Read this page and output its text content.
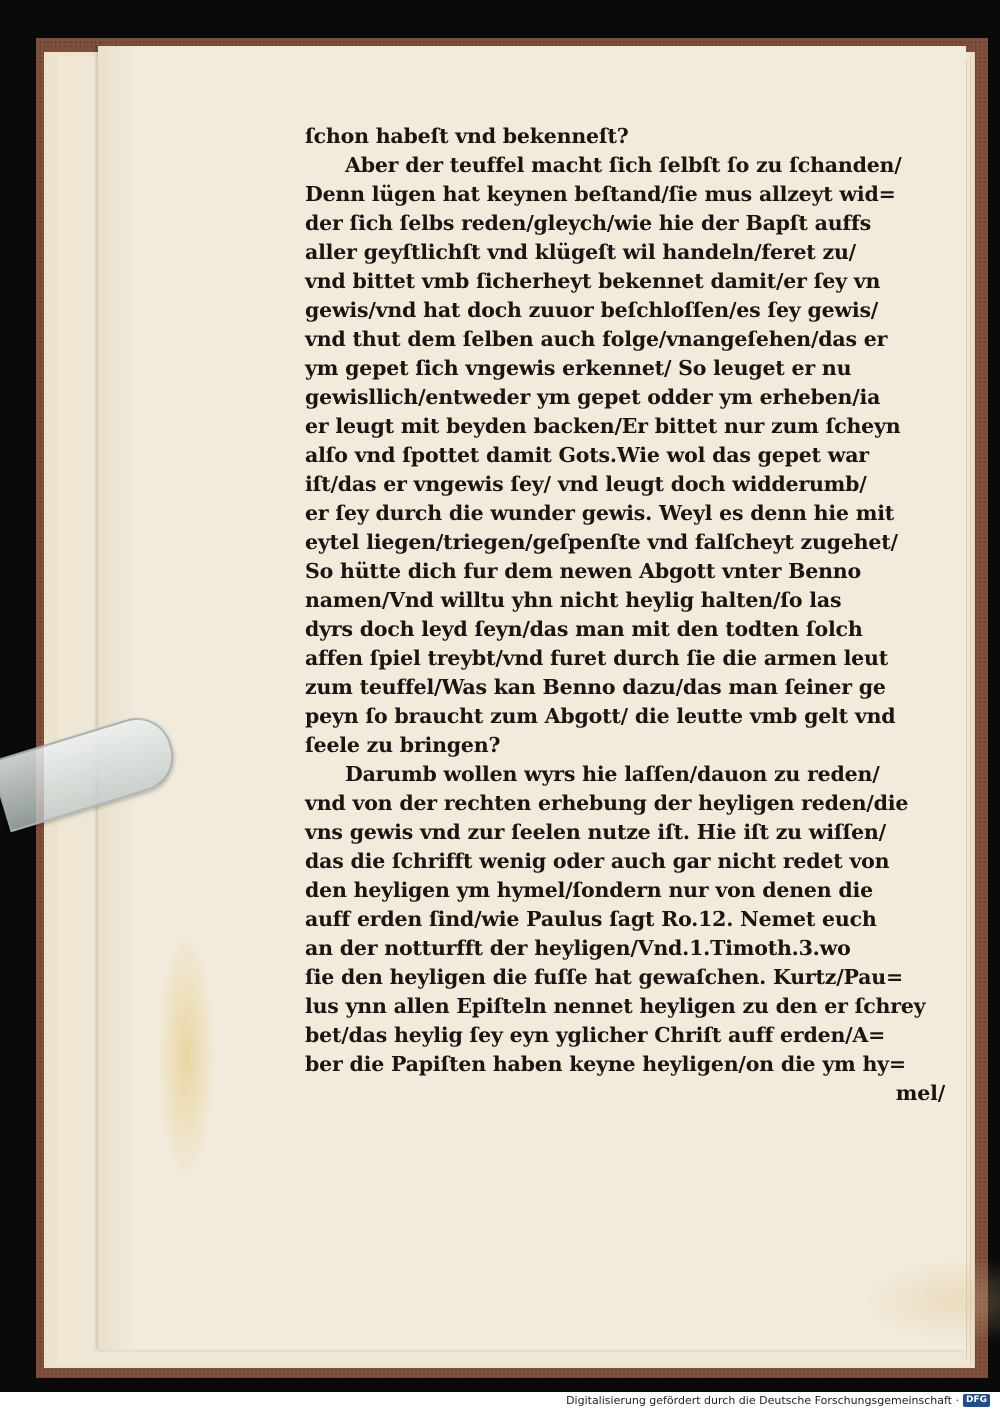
ſchon habeſt vnd bekenneſt?
Aber der teuffel macht ſich ſelbſt ſo zu ſchanden/
Denn lügen hat keynen beſtand/ſie mus allzeyt wid=
der ſich ſelbs reden/gleych/wie hie der Bapſt auffs
aller geyſtlichſt vnd klügeſt wil handeln/feret zu/
vnd bittet vmb ſicherheyt bekennet damit/er ſey vn
gewis/vnd hat doch zuuor beſchloſſen/es ſey gewis/
vnd thut dem ſelben auch folge/vnangeſehen/das er
ym gepet ſich vngewis erkennet/ So leuget er nu
gewisllich/entweder ym gepet odder ym erheben/ia
er leugt mit beyden backen/Er bittet nur zum ſcheyn
alſo vnd ſpottet damit Gots.Wie wol das gepet war
iſt/das er vngewis ſey/ vnd leugt doch widderumb/
er ſey durch die wunder gewis. Weyl es denn hie mit
eytel liegen/triegen/geſpenſte vnd falſcheyt zugehet/
So hütte dich fur dem newen Abgott vnter Benno
namen/Vnd willtu yhn nicht heylig halten/ſo las
dyrs doch leyd ſeyn/das man mit den todten ſolch
affen ſpiel treybt/vnd furet durch ſie die armen leut
zum teuffel/Was kan Benno dazu/das man ſeiner ge
peyn ſo braucht zum Abgott/ die leutte vmb gelt vnd
ſeele zu bringen?
Darumb wollen wyrs hie laſſen/dauon zu reden/
vnd von der rechten erhebung der heyligen reden/die
vns gewis vnd zur ſeelen nutze iſt. Hie iſt zu wiſſen/
das die ſchrifft wenig oder auch gar nicht redet von
den heyligen ym hymel/ſondern nur von denen die
auff erden ſind/wie Paulus ſagt Ro.12. Nemet euch
an der notturfft der heyligen/Vnd.1.Timoth.3.wo
ſie den heyligen die fuſſe hat gewaſchen. Kurtz/Pau=
lus ynn allen Epiſteln nennet heyligen zu den er ſchrey
bet/das heylig ſey eyn yglicher Chriſt auff erden/A=
ber die Papiſten haben keyne heyligen/on die ym hy=
mel/
Digitalisierung gefördert durch die Deutsche Forschungsgemeinschaft · DFG
